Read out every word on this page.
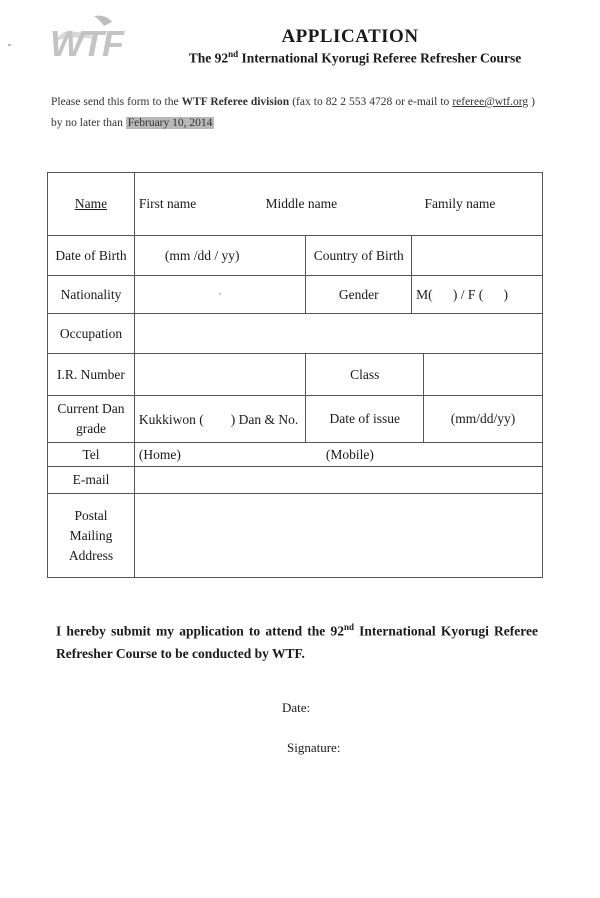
WTF	APPLICATION
The 92nd International Kyorugi Referee Refresher Course
Please send this form to the WTF Referee division (fax to 82 2 553 4728 or e-mail to referee@wtf.org ) by no later than February 10, 2014
Name	First name Middle name Family name			

Date of Birth	(mm /dd / yy)	Country of Birth		
Nationality	·	Gender	M(      ) / F (      )	
Occupation				
I.R. Number		Class		
Current Dan grade	Kukkiwon (        ) Dan & No.	Date of issue		(mm/dd/yy)
Tel	(Home)	(Mobile)		
E-mail				
Postal Mailing Address				
I hereby submit my application to attend the 92nd International Kyorugi Referee Refresher Course to be conducted by WTF.
Date:
Signature:
